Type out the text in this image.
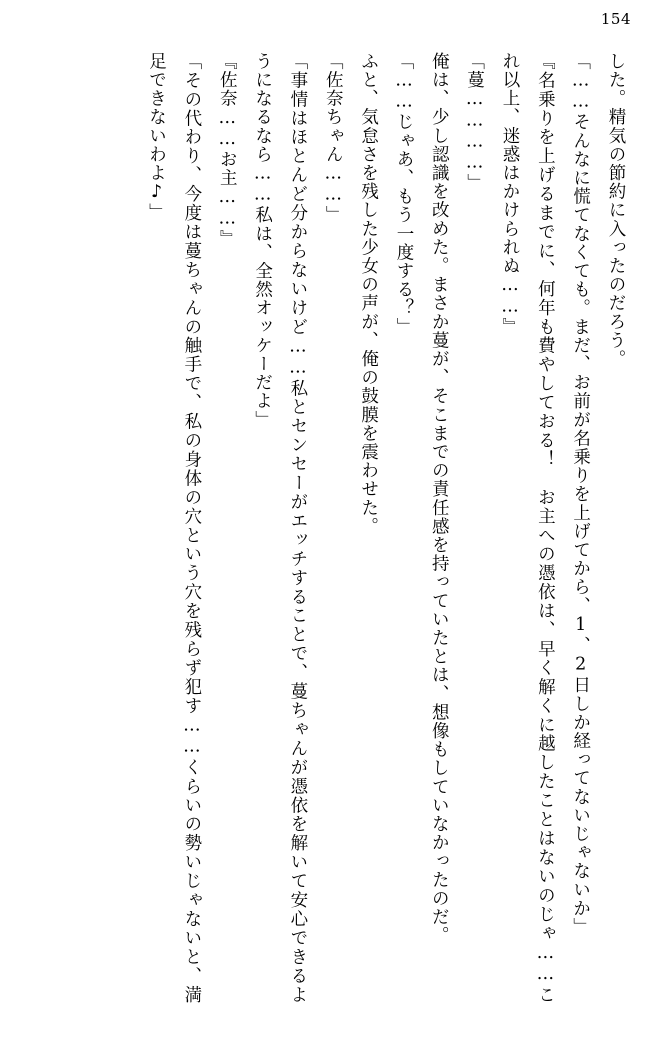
154

した。精気の節約に入ったのだろう。

「……そんなに慌てなくても。まだ、お前が名乗りを上げてから、1、2日しか経ってないじゃないか」

『名乗りを上げるまでに、何年も費やしておる！　お主への憑依は、早く解くに越したことはないのじゃ……これ以上、迷惑はかけられぬ……』

「蔓…………」

俺は、少し認識を改めた。まさか蔓が、そこまでの責任感を持っていたとは、想像もしていなかったのだ。

「……じゃあ、もう一度する？」

ふと、気怠さを残した少女の声が、俺の鼓膜を震わせた。

「佐奈ちゃん……」

「事情はほとんど分からないけど……私とセンセーがエッチすることで、蔓ちゃんが憑依を解いて安心できるようになるなら……私は、全然オッケーだよ」

『佐奈……お主……』

「その代わり、今度は蔓ちゃんの触手で、私の身体の穴という穴を残らず犯す……くらいの勢いじゃないと、満足できないわよ♪」
